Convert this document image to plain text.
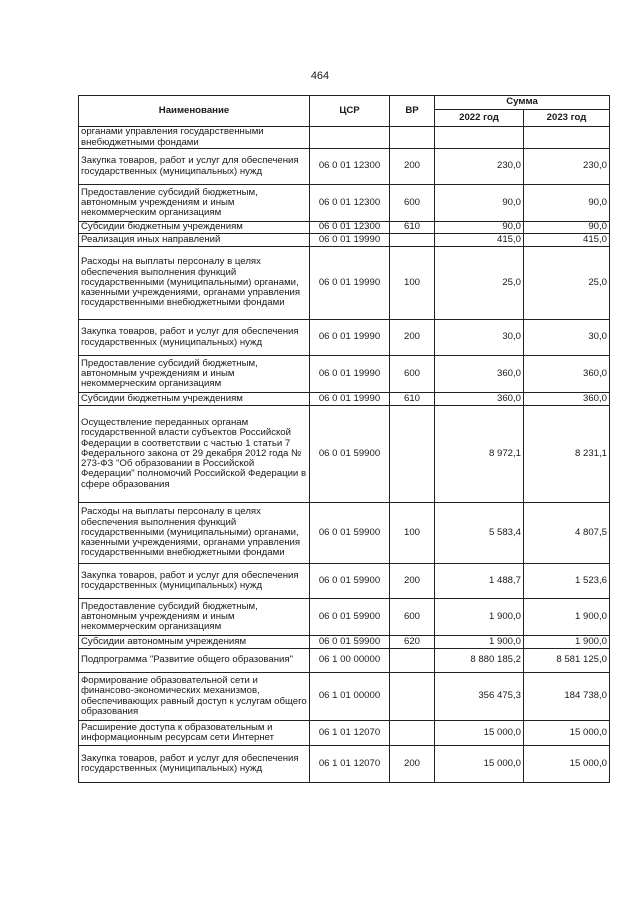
464
Наименование	ЦСР	ВР	Сумма	
			2022 год	2023 год
органами управления государственными внебюджетными фондами				
Закупка товаров, работ и услуг для обеспечения государственных (муниципальных) нужд	06 0 01 12300	200	230,0	230,0
Предоставление субсидий бюджетным, автономным учреждениям и иным некоммерческим организациям	06 0 01 12300	600	90,0	90,0
Субсидии бюджетным учреждениям	06 0 01 12300	610	90,0	90,0
Реализация иных направлений	06 0 01 19990		415,0	415,0
Расходы на выплаты персоналу в целях обеспечения выполнения функций государственными (муниципальными) органами, казенными учреждениями, органами управления государственными внебюджетными фондами	06 0 01 19990	100	25,0	25,0
Закупка товаров, работ и услуг для обеспечения государственных (муниципальных) нужд	06 0 01 19990	200	30,0	30,0
Предоставление субсидий бюджетным, автономным учреждениям и иным некоммерческим организациям	06 0 01 19990	600	360,0	360,0
Субсидии бюджетным учреждениям	06 0 01 19990	610	360,0	360,0
Осуществление переданных органам государственной власти субъектов Российской Федерации в соответствии с частью 1 статьи 7 Федерального закона от 29 декабря 2012 года № 273-ФЗ "Об образовании в Российской Федерации" полномочий Российской Федерации в сфере образования	06 0 01 59900		8 972,1	8 231,1
Расходы на выплаты персоналу в целях обеспечения выполнения функций государственными (муниципальными) органами, казенными учреждениями, органами управления государственными внебюджетными фондами	06 0 01 59900	100	5 583,4	4 807,5
Закупка товаров, работ и услуг для обеспечения государственных (муниципальных) нужд	06 0 01 59900	200	1 488,7	1 523,6
Предоставление субсидий бюджетным, автономным учреждениям и иным некоммерческим организациям	06 0 01 59900	600	1 900,0	1 900,0
Субсидии автономным учреждениям	06 0 01 59900	620	1 900,0	1 900,0
Подпрограмма "Развитие общего образования"	06 1 00 00000		8 880 185,2	8 581 125,0
Формирование образовательной сети и финансово-экономических механизмов, обеспечивающих равный доступ к услугам общего образования	06 1 01 00000		356 475,3	184 738,0
Расширение доступа к образовательным и информационным ресурсам сети Интернет	06 1 01 12070		15 000,0	15 000,0
Закупка товаров, работ и услуг для обеспечения государственных (муниципальных) нужд	06 1 01 12070	200	15 000,0	15 000,0
